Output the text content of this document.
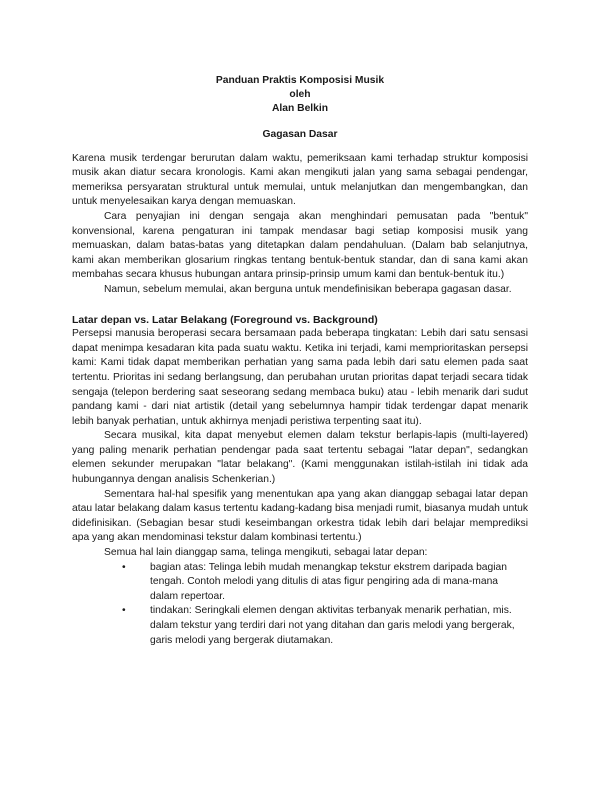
Panduan Praktis Komposisi Musik
oleh
Alan Belkin
Gagasan Dasar

Karena musik terdengar berurutan dalam waktu, pemeriksaan kami terhadap struktur komposisi musik akan diatur secara kronologis. Kami akan mengikuti jalan yang sama sebagai pendengar, memeriksa persyaratan struktural untuk memulai, untuk melanjutkan dan mengembangkan, dan untuk menyelesaikan karya dengan memuaskan.

Cara penyajian ini dengan sengaja akan menghindari pemusatan pada "bentuk" konvensional, karena pengaturan ini tampak mendasar bagi setiap komposisi musik yang memuaskan, dalam batas-batas yang ditetapkan dalam pendahuluan. (Dalam bab selanjutnya, kami akan memberikan glosarium ringkas tentang bentuk-bentuk standar, dan di sana kami akan membahas secara khusus hubungan antara prinsip-prinsip umum kami dan bentuk-bentuk itu.)

Namun, sebelum memulai, akan berguna untuk mendefinisikan beberapa gagasan dasar.

Latar depan vs. Latar Belakang (Foreground vs. Background)

Persepsi manusia beroperasi secara bersamaan pada beberapa tingkatan: Lebih dari satu sensasi dapat menimpa kesadaran kita pada suatu waktu. Ketika ini terjadi, kami memprioritaskan persepsi kami: Kami tidak dapat memberikan perhatian yang sama pada lebih dari satu elemen pada saat tertentu. Prioritas ini sedang berlangsung, dan perubahan urutan prioritas dapat terjadi secara tidak sengaja (telepon berdering saat seseorang sedang membaca buku) atau - lebih menarik dari sudut pandang kami - dari niat artistik (detail yang sebelumnya hampir tidak terdengar dapat menarik lebih banyak perhatian, untuk akhirnya menjadi peristiwa terpenting saat itu).

Secara musikal, kita dapat menyebut elemen dalam tekstur berlapis-lapis (multi-layered) yang paling menarik perhatian pendengar pada saat tertentu sebagai "latar depan", sedangkan elemen sekunder merupakan "latar belakang". (Kami menggunakan istilah-istilah ini tidak ada hubungannya dengan analisis Schenkerian.)

Sementara hal-hal spesifik yang menentukan apa yang akan dianggap sebagai latar depan atau latar belakang dalam kasus tertentu kadang-kadang bisa menjadi rumit, biasanya mudah untuk didefinisikan. (Sebagian besar studi keseimbangan orkestra tidak lebih dari belajar memprediksi apa yang akan mendominasi tekstur dalam kombinasi tertentu.)

Semua hal lain dianggap sama, telinga mengikuti, sebagai latar depan:

• bagian atas: Telinga lebih mudah menangkap tekstur ekstrem daripada bagian tengah. Contoh melodi yang ditulis di atas figur pengiring ada di mana-mana dalam repertoar.
• tindakan: Seringkali elemen dengan aktivitas terbanyak menarik perhatian, mis. dalam tekstur yang terdiri dari not yang ditahan dan garis melodi yang bergerak, garis melodi yang bergerak diutamakan.
